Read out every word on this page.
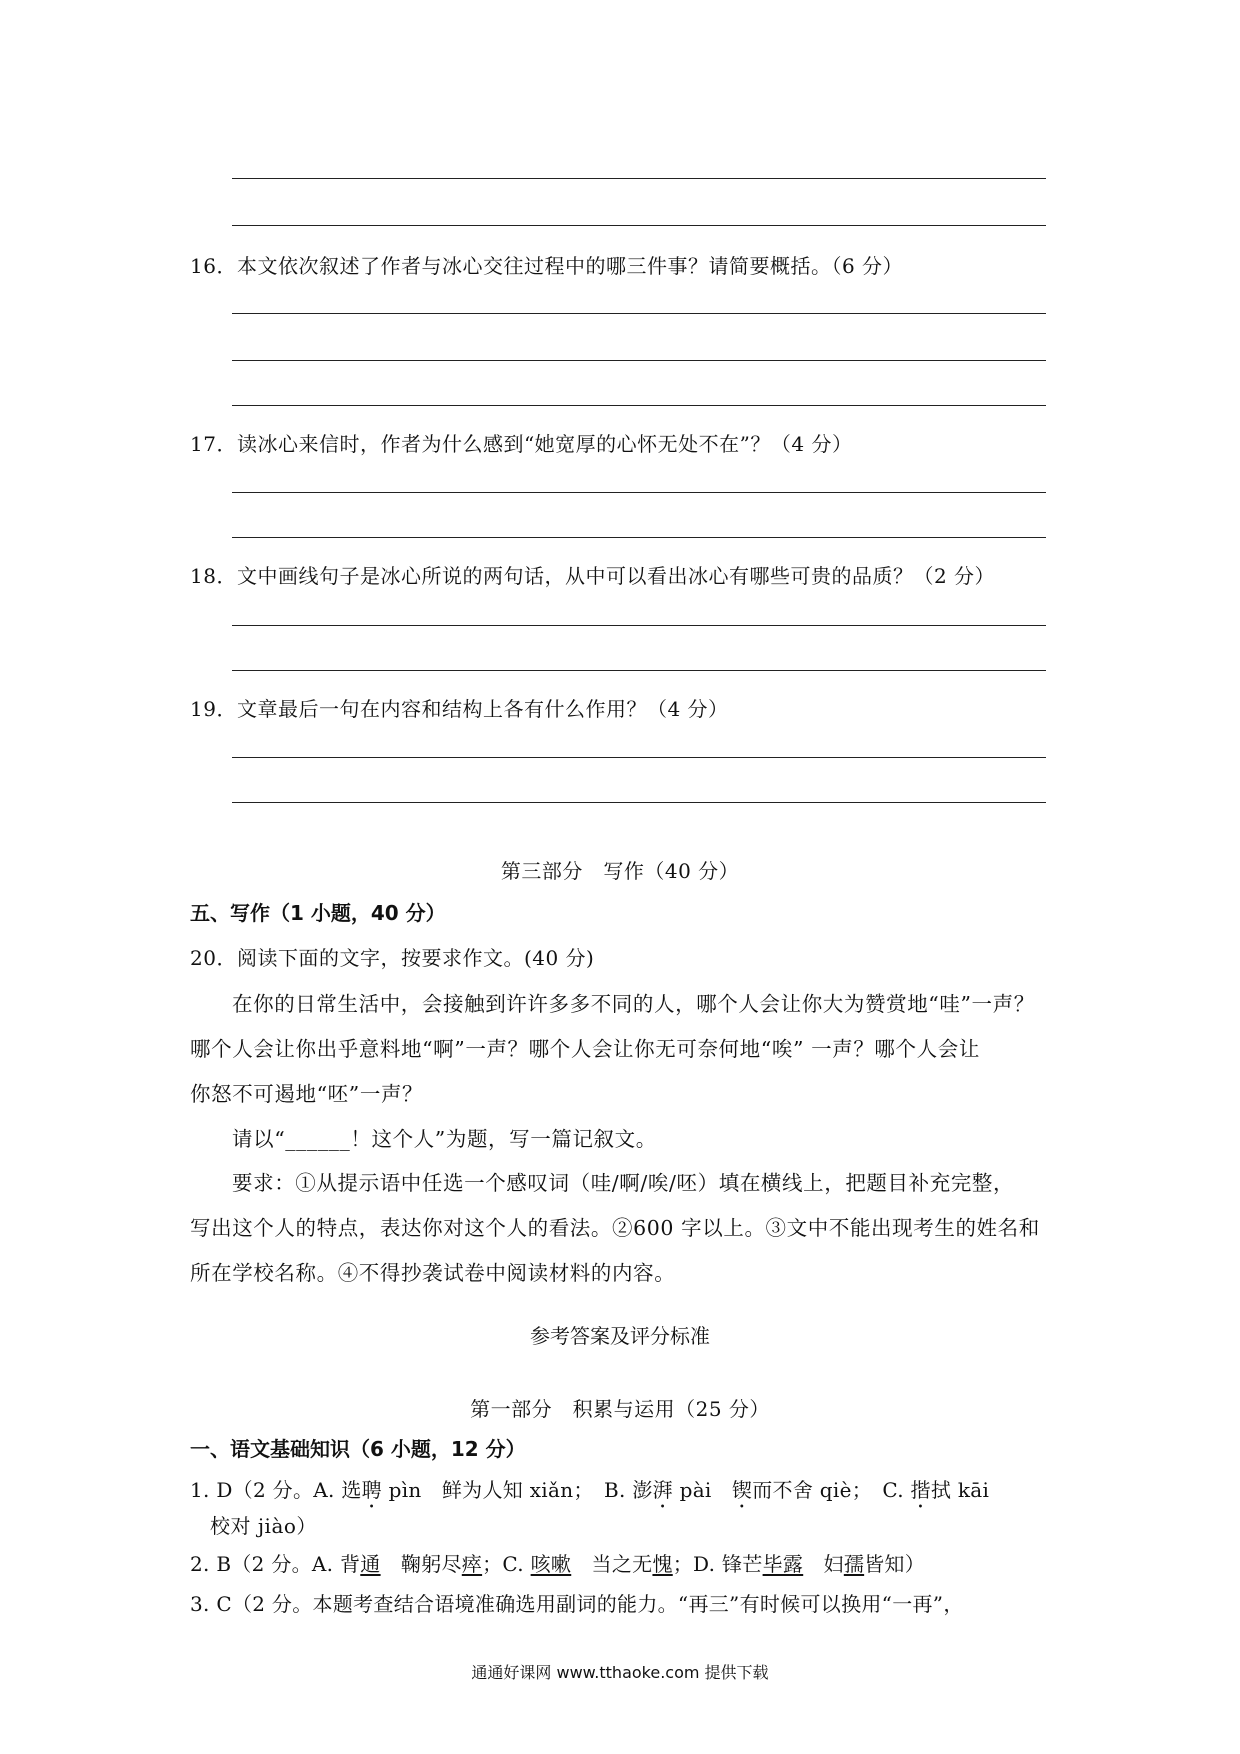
16．本文依次叙述了作者与冰心交往过程中的哪三件事？请简要概括。（6 分）
17．读冰心来信时，作者为什么感到“她宽厚的心怀无处不在”？（4 分）
18．文中画线句子是冰心所说的两句话，从中可以看出冰心有哪些可贵的品质？（2 分）
19．文章最后一句在内容和结构上各有什么作用？（4 分）
第三部分　写作（40 分）
五、写作（1 小题，40 分）
20．阅读下面的文字，按要求作文。(40 分)
在你的日常生活中，会接触到许许多多不同的人，哪个人会让你大为赞赏地“哇”一声？
哪个人会让你出乎意料地“啊”一声？哪个人会让你无可奈何地“唉” 一声？哪个人会让
你怒不可遏地“呸”一声？
请以“______！这个人”为题，写一篇记叙文。
要求：①从提示语中任选一个感叹词（哇/啊/唉/呸）填在横线上，把题目补充完整，
写出这个人的特点，表达你对这个人的看法。②600 字以上。③文中不能出现考生的姓名和
所在学校名称。④不得抄袭试卷中阅读材料的内容。
参考答案及评分标准
第一部分　积累与运用（25 分）
一、语文基础知识（6 小题，12 分）
1. D（2 分。A. 选聘 pìn　鲜为人知 xiǎn；　B. 澎湃 pài　锲而不舍 qiè；　C. 揩拭 kāi
校对 jiào）
2. B（2 分。A. 背通　鞠躬尽瘁；C. 咳嗽　当之无愧；D. 锋芒毕露　妇孺皆知）
3. C（2 分。本题考查结合语境准确选用副词的能力。“再三”有时候可以换用“一再”，
通通好课网 www.tthaoke.com 提供下载
